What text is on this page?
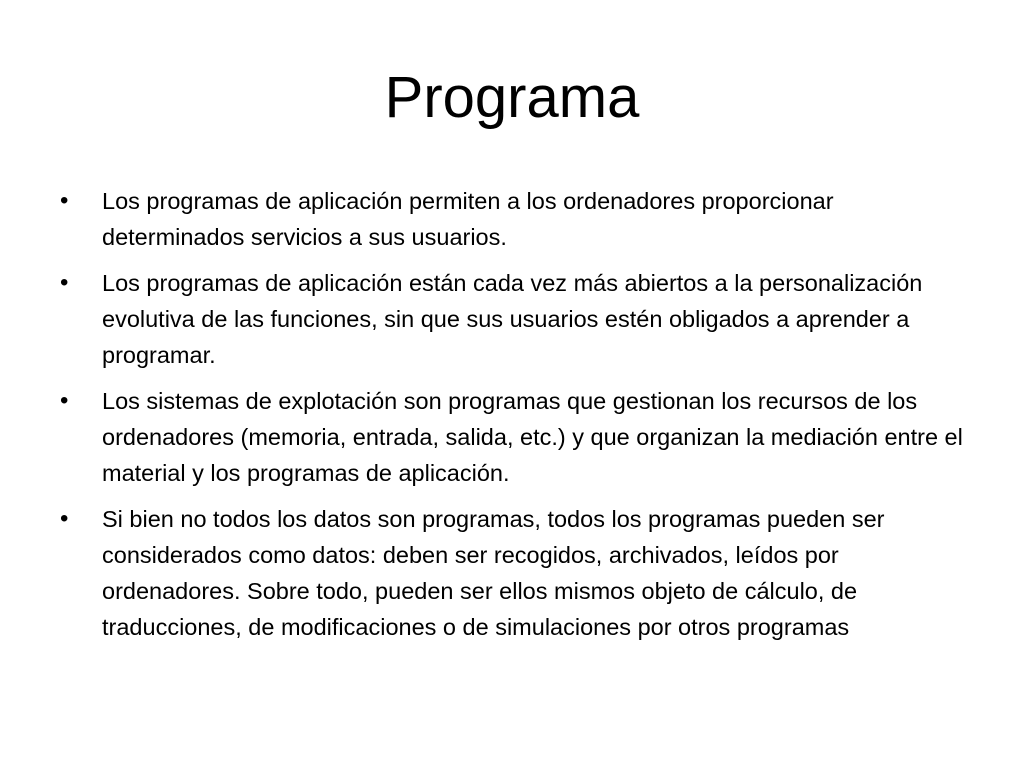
Programa
•	Los programas de aplicación permiten a los ordenadores proporcionar determinados servicios a sus usuarios.
•	Los programas de aplicación están cada vez más abiertos a la personalización evolutiva de las funciones, sin que sus usuarios estén obligados a aprender a programar.
•	Los sistemas de explotación son programas que gestionan los recursos de los ordenadores (memoria, entrada, salida, etc.) y que organizan la mediación entre el material y los programas de aplicación.
•	Si bien no todos los datos son programas, todos los programas pueden ser considerados como datos: deben ser recogidos, archivados, leídos por ordenadores. Sobre todo, pueden ser ellos mismos objeto de cálculo, de traducciones, de modificaciones o de simulaciones por otros programas
